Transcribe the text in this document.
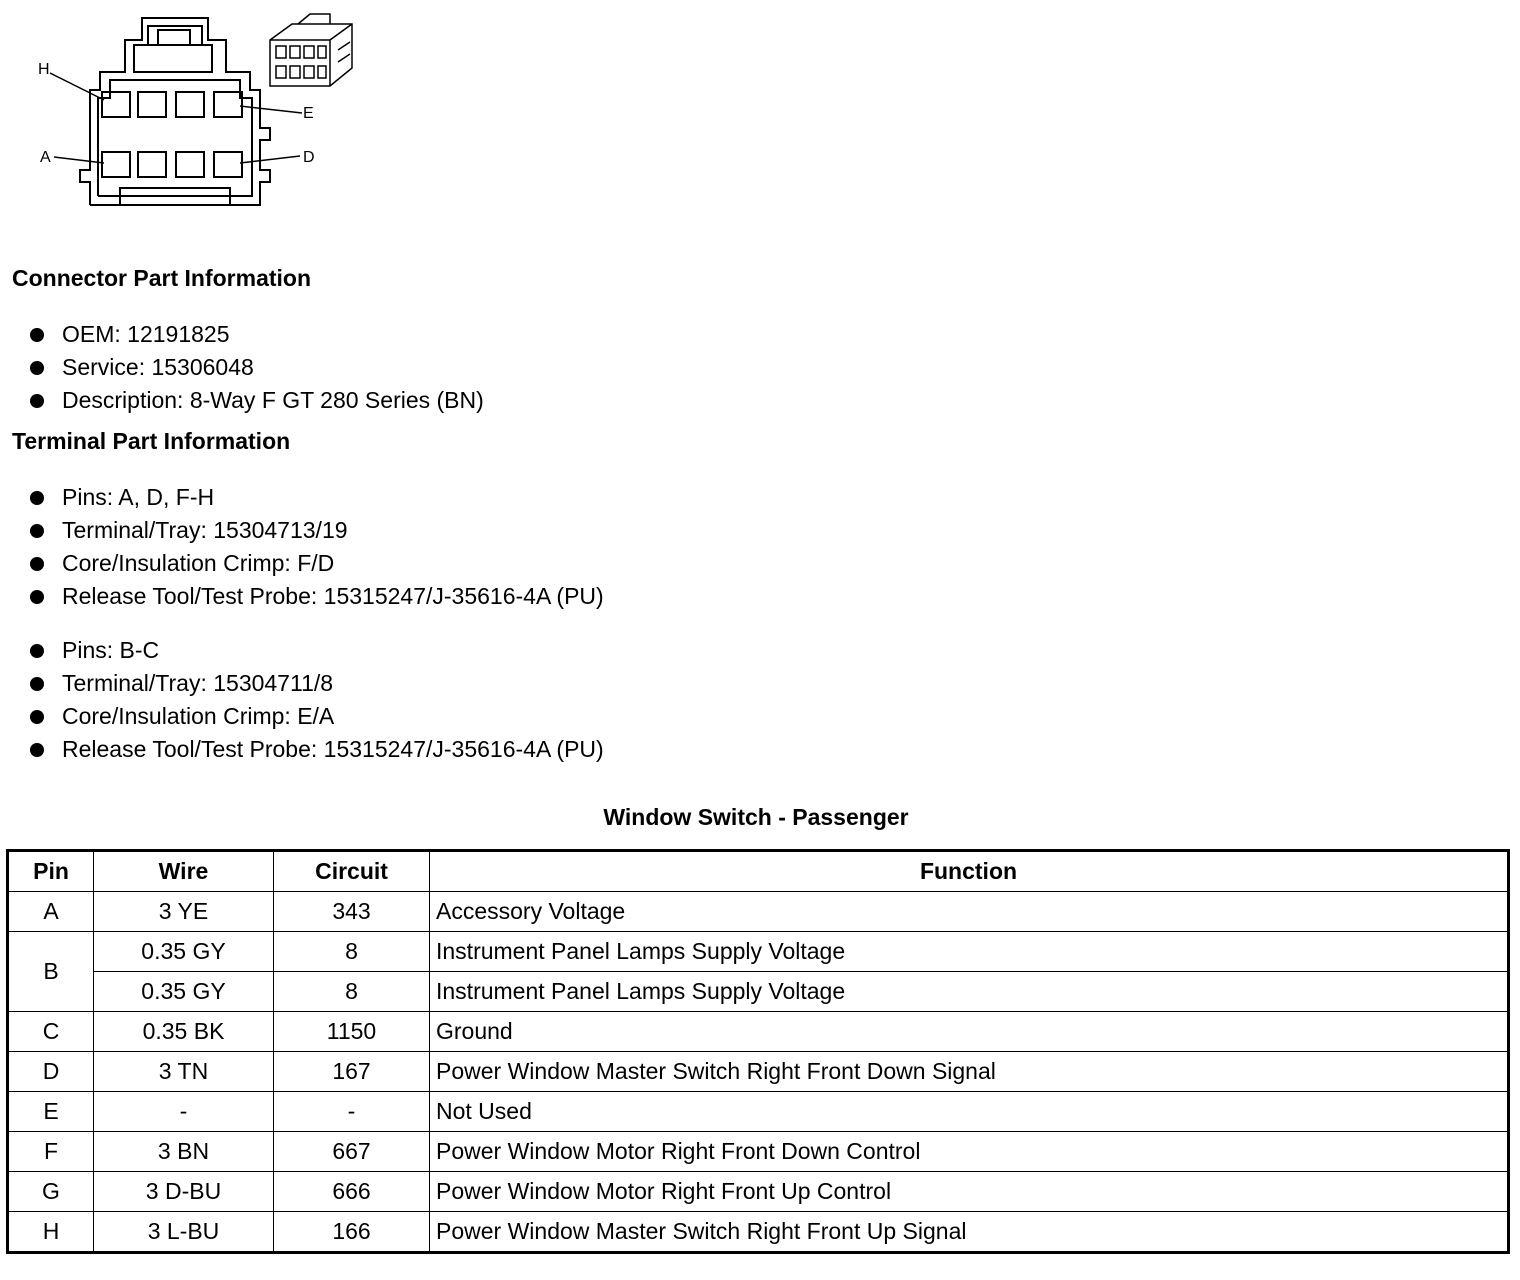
H
E
A	D
Connector Part Information
OEM: 12191825
Service: 15306048
Description: 8-Way F GT 280 Series (BN)
Terminal Part Information
Pins: A, D, F-H
Terminal/Tray: 15304713/19
Core/Insulation Crimp: F/D
Release Tool/Test Probe: 15315247/J-35616-4A (PU)
Pins: B-C
Terminal/Tray: 15304711/8
Core/Insulation Crimp: E/A
Release Tool/Test Probe: 15315247/J-35616-4A (PU)
Window Switch - Passenger
Pin	Wire	Circuit	Function
A	3 YE	343	Accessory Voltage
B	0.35 GY	8	Instrument Panel Lamps Supply Voltage
	0.35 GY	8	Instrument Panel Lamps Supply Voltage
C	0.35 BK	1150	Ground
D	3 TN	167	Power Window Master Switch Right Front Down Signal
E	-	-	Not Used
F	3 BN	667	Power Window Motor Right Front Down Control
G	3 D-BU	666	Power Window Motor Right Front Up Control
H	3 L-BU	166	Power Window Master Switch Right Front Up Signal
